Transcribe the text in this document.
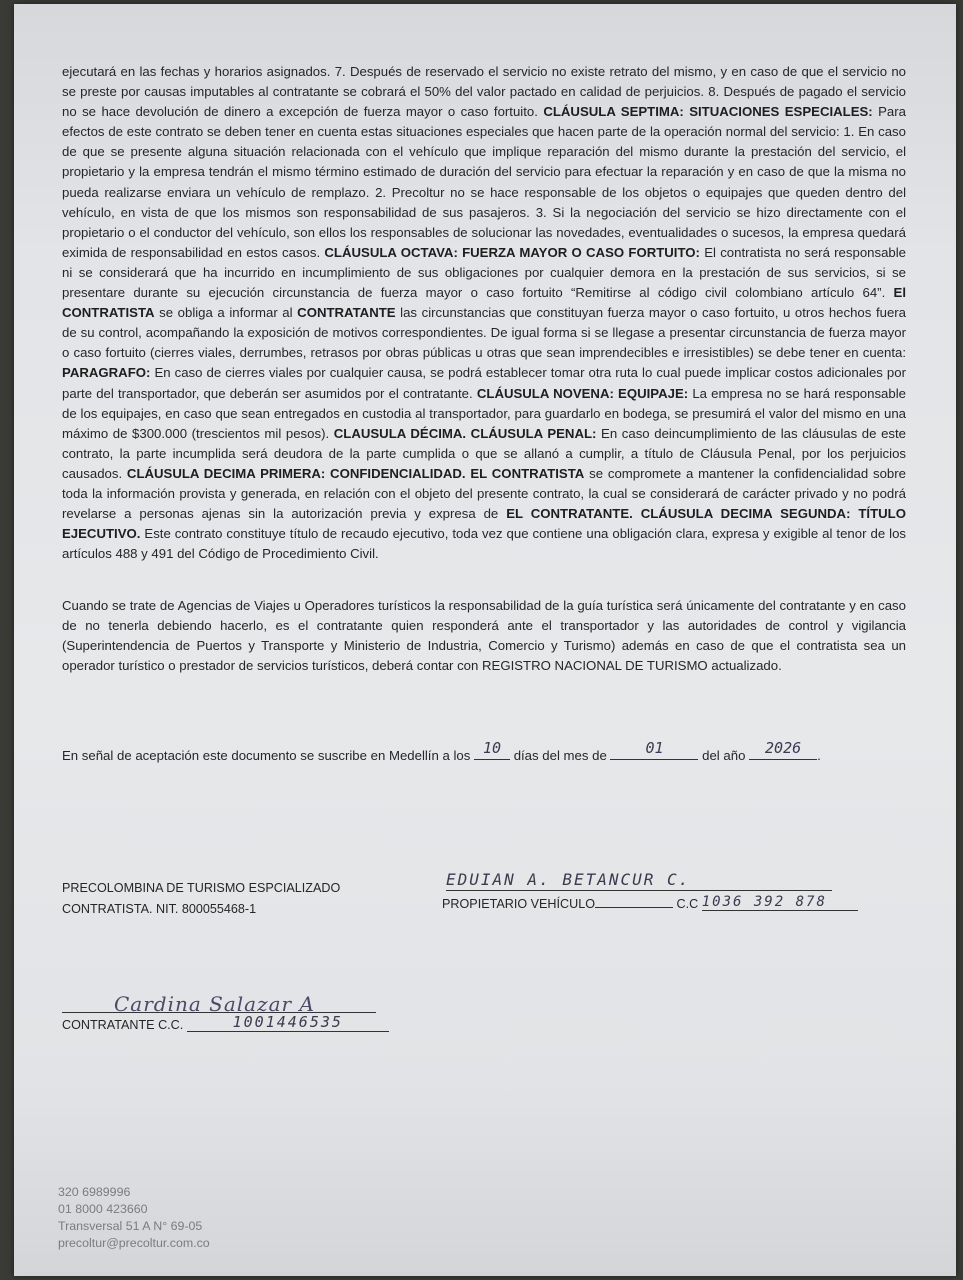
ejecutará en las fechas y horarios asignados. 7. Después de reservado el servicio no existe retrato del mismo, y en caso de que el servicio no se preste por causas imputables al contratante se cobrará el 50% del valor pactado en calidad de perjuicios. 8. Después de pagado el servicio no se hace devolución de dinero a excepción de fuerza mayor o caso fortuito. CLÁUSULA SEPTIMA: SITUACIONES ESPECIALES: Para efectos de este contrato se deben tener en cuenta estas situaciones especiales que hacen parte de la operación normal del servicio: 1. En caso de que se presente alguna situación relacionada con el vehículo que implique reparación del mismo durante la prestación del servicio, el propietario y la empresa tendrán el mismo término estimado de duración del servicio para efectuar la reparación y en caso de que la misma no pueda realizarse enviara un vehículo de remplazo. 2. Precoltur no se hace responsable de los objetos o equipajes que queden dentro del vehículo, en vista de que los mismos son responsabilidad de sus pasajeros. 3. Si la negociación del servicio se hizo directamente con el propietario o el conductor del vehículo, son ellos los responsables de solucionar las novedades, eventualidades o sucesos, la empresa quedará eximida de responsabilidad en estos casos. CLÁUSULA OCTAVA: FUERZA MAYOR O CASO FORTUITO: El contratista no será responsable ni se considerará que ha incurrido en incumplimiento de sus obligaciones por cualquier demora en la prestación de sus servicios, si se presentare durante su ejecución circunstancia de fuerza mayor o caso fortuito “Remitirse al código civil colombiano artículo 64”. El CONTRATISTA se obliga a informar al CONTRATANTE las circunstancias que constituyan fuerza mayor o caso fortuito, u otros hechos fuera de su control, acompañando la exposición de motivos correspondientes. De igual forma si se llegase a presentar circunstancia de fuerza mayor o caso fortuito (cierres viales, derrumbes, retrasos por obras públicas u otras que sean imprendecibles e irresistibles) se debe tener en cuenta: PARAGRAFO: En caso de cierres viales por cualquier causa, se podrá establecer tomar otra ruta lo cual puede implicar costos adicionales por parte del transportador, que deberán ser asumidos por el contratante. CLÁUSULA NOVENA: EQUIPAJE: La empresa no se hará responsable de los equipajes, en caso que sean entregados en custodia al transportador, para guardarlo en bodega, se presumirá el valor del mismo en una máximo de $300.000 (trescientos mil pesos). CLAUSULA DÉCIMA. CLÁUSULA PENAL: En caso deincumplimiento de las cláusulas de este contrato, la parte incumplida será deudora de la parte cumplida o que se allanó a cumplir, a título de Cláusula Penal, por los perjuicios causados. CLÁUSULA DECIMA PRIMERA: CONFIDENCIALIDAD. EL CONTRATISTA se compromete a mantener la confidencialidad sobre toda la información provista y generada, en relación con el objeto del presente contrato, la cual se considerará de carácter privado y no podrá revelarse a personas ajenas sin la autorización previa y expresa de EL CONTRATANTE. CLÁUSULA DECIMA SEGUNDA: TÍTULO EJECUTIVO. Este contrato constituye título de recaudo ejecutivo, toda vez que contiene una obligación clara, expresa y exigible al tenor de los artículos 488 y 491 del Código de Procedimiento Civil.

Cuando se trate de Agencias de Viajes u Operadores turísticos la responsabilidad de la guía turística será únicamente del contratante y en caso de no tenerla debiendo hacerlo, es el contratante quien responderá ante el transportador y las autoridades de control y vigilancia (Superintendencia de Puertos y Transporte y Ministerio de Industria, Comercio y Turismo) además en caso de que el contratista sea un operador turístico o prestador de servicios turísticos, deberá contar con REGISTRO NACIONAL DE TURISMO actualizado.

En señal de aceptación este documento se suscribe en Medellín a los 10 días del mes de	01	del año	2026	.
PRECOLOMBINA DE TURISMO ESPCIALIZADO
CONTRATISTA. NIT. 800055468-1
EDUIAN A. BETANCUR C.
PROPIETARIO VEHÍCULO	C.C 1036 392 878
Cardina Salazar A
CONTRATANTE C.C.	1001446535
320 6989996
01 8000 423660
Transversal 51 A N° 69-05
precoltur@precoltur.com.co
